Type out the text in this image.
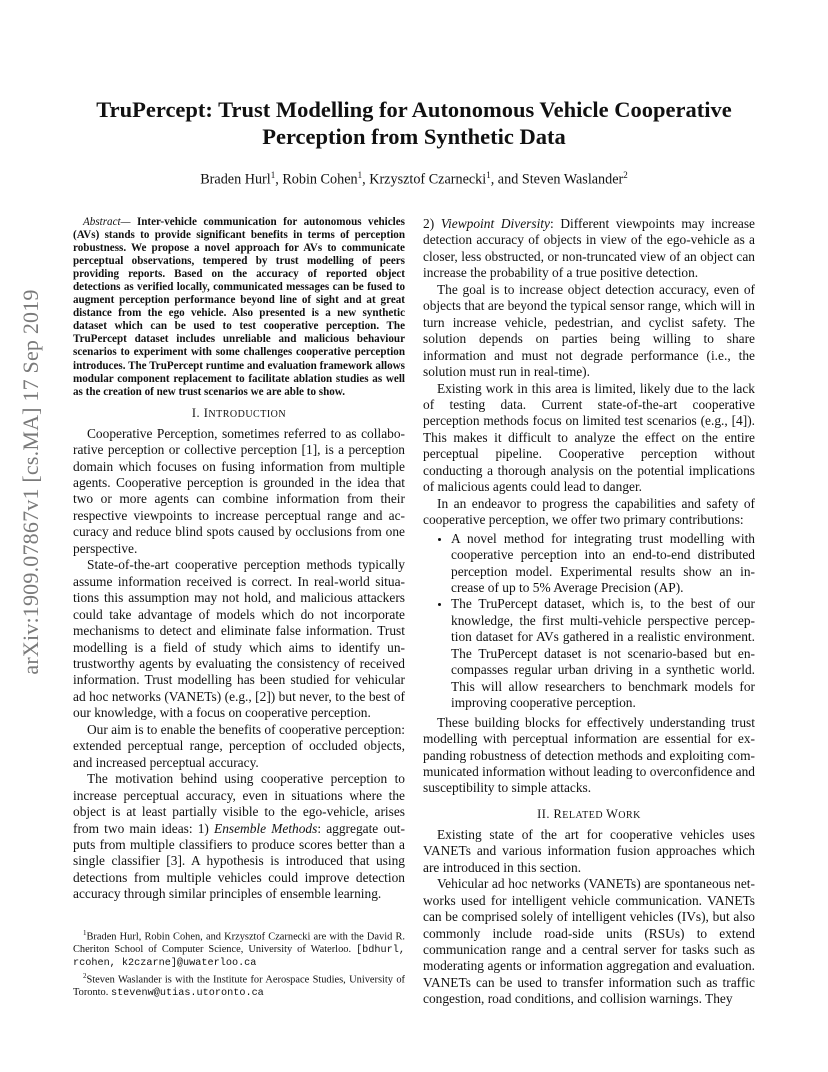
arXiv:1909.07867v1 [cs.MA] 17 Sep 2019
TruPercept: Trust Modelling for Autonomous Vehicle Cooperative Perception from Synthetic Data
Braden Hurl$^1$, Robin Cohen$^1$, Krzysztof Czarnecki$^1$, and Steven Waslander$^2$

Abstract— Inter-vehicle communication for autonomous vehicles (AVs) stands to provide significant benefits in terms of perception robustness. We propose a novel approach for AVs to communicate perceptual observations, tempered by trust modelling of peers providing reports. Based on the accuracy of reported object detections as verified locally, communicated messages can be fused to augment perception performance beyond line of sight and at great distance from the ego vehicle. Also presented is a new synthetic dataset which can be used to test cooperative perception. The TruPercept dataset includes unreliable and malicious behaviour scenarios to experiment with some challenges cooperative perception introduces. The TruPercept runtime and evaluation framework allows modular component replacement to facilitate ablation studies as well as the creation of new trust scenarios we are able to show.

I. INTRODUCTION

Cooperative Perception, sometimes referred to as collaborative perception or collective perception [1], is a perception domain which focuses on fusing information from multiple agents. Cooperative perception is grounded in the idea that two or more agents can combine information from their respective viewpoints to increase perceptual range and accuracy and reduce blind spots caused by occlusions from one perspective.

State-of-the-art cooperative perception methods typically assume information received is correct. In real-world situations this assumption may not hold, and malicious attackers could take advantage of models which do not incorporate mechanisms to detect and eliminate false information. Trust modelling is a field of study which aims to identify untrustworthy agents by evaluating the consistency of received information. Trust modelling has been studied for vehicular ad hoc networks (VANETs) (e.g., [2]) but never, to the best of our knowledge, with a focus on cooperative perception.

Our aim is to enable the benefits of cooperative perception: extended perceptual range, perception of occluded objects, and increased perceptual accuracy.

The motivation behind using cooperative perception to increase perceptual accuracy, even in situations where the object is at least partially visible to the ego-vehicle, arises from two main ideas: 1) Ensemble Methods: aggregate outputs from multiple classifiers to produce scores better than a single classifier [3]. A hypothesis is introduced that using detections from multiple vehicles could improve detection accuracy through similar principles of ensemble learning.

2) Viewpoint Diversity: Different viewpoints may increase detection accuracy of objects in view of the ego-vehicle as a closer, less obstructed, or non-truncated view of an object can increase the probability of a true positive detection.

The goal is to increase object detection accuracy, even of objects that are beyond the typical sensor range, which will in turn increase vehicle, pedestrian, and cyclist safety. The solution depends on parties being willing to share information and must not degrade performance (i.e., the solution must run in real-time).

Existing work in this area is limited, likely due to the lack of testing data. Current state-of-the-art cooperative perception methods focus on limited test scenarios (e.g., [4]). This makes it difficult to analyze the effect on the entire perceptual pipeline. Cooperative perception without conducting a thorough analysis on the potential implications of malicious agents could lead to danger.

In an endeavor to progress the capabilities and safety of cooperative perception, we offer two primary contributions:

• A novel method for integrating trust modelling with cooperative perception into an end-to-end distributed perception model. Experimental results show an increase of up to 5% Average Precision (AP).
• The TruPercept dataset, which is, to the best of our knowledge, the first multi-vehicle perspective perception dataset for AVs gathered in a realistic environment. The TruPercept dataset is not scenario-based but encompasses regular urban driving in a synthetic world. This will allow researchers to benchmark models for improving cooperative perception.

These building blocks for effectively understanding trust modelling with perceptual information are essential for expanding robustness of detection methods and exploiting communicated information without leading to overconfidence and susceptibility to simple attacks.

II. RELATED WORK

Existing state of the art for cooperative vehicles uses VANETs and various information fusion approaches which are introduced in this section.

Vehicular ad hoc networks (VANETs) are spontaneous networks used for intelligent vehicle communication. VANETs can be comprised solely of intelligent vehicles (IVs), but also commonly include road-side units (RSUs) to extend communication range and a central server for tasks such as moderating agents or information aggregation and evaluation. VANETs can be used to transfer information such as traffic congestion, road conditions, and collision warnings. They

$^1$Braden Hurl, Robin Cohen, and Krzysztof Czarnecki are with the David R. Cheriton School of Computer Science, University of Waterloo. [bdhurl, rcohen, k2czarne]@uwaterloo.ca

$^2$Steven Waslander is with the Institute for Aerospace Studies, University of Toronto. stevenw@utias.utoronto.ca
